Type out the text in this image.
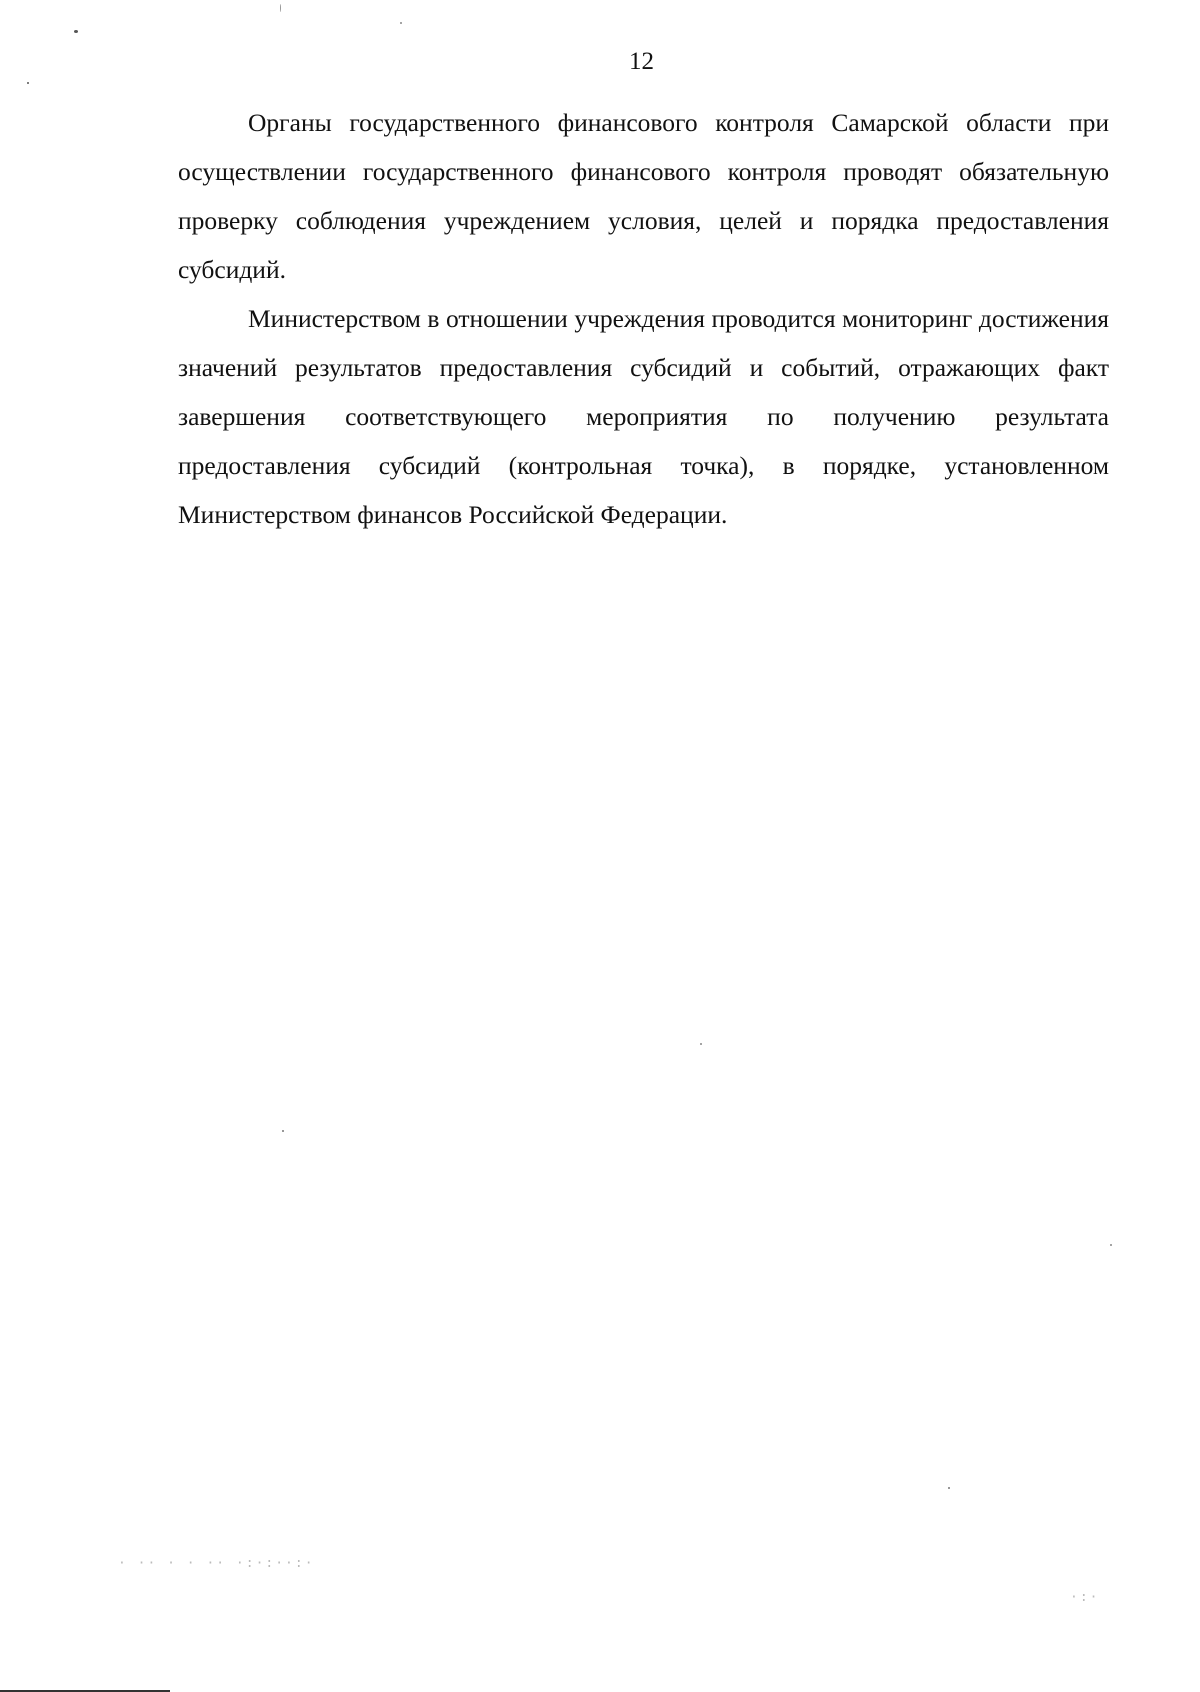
12

Органы государственного финансового контроля Самарской области при осуществлении государственного финансового контроля проводят обязательную проверку соблюдения учреждением условия, целей и порядка предоставления субсидий.

Министерством в отношении учреждения проводится мониторинг достижения значений результатов предоставления субсидий и событий, отражающих факт завершения соответствующего мероприятия по получению результата предоставления субсидий (контрольная точка), в порядке, установленном Министерством финансов Российской Федерации.

· ·· · · ·· ·:·:··:·
·:·
